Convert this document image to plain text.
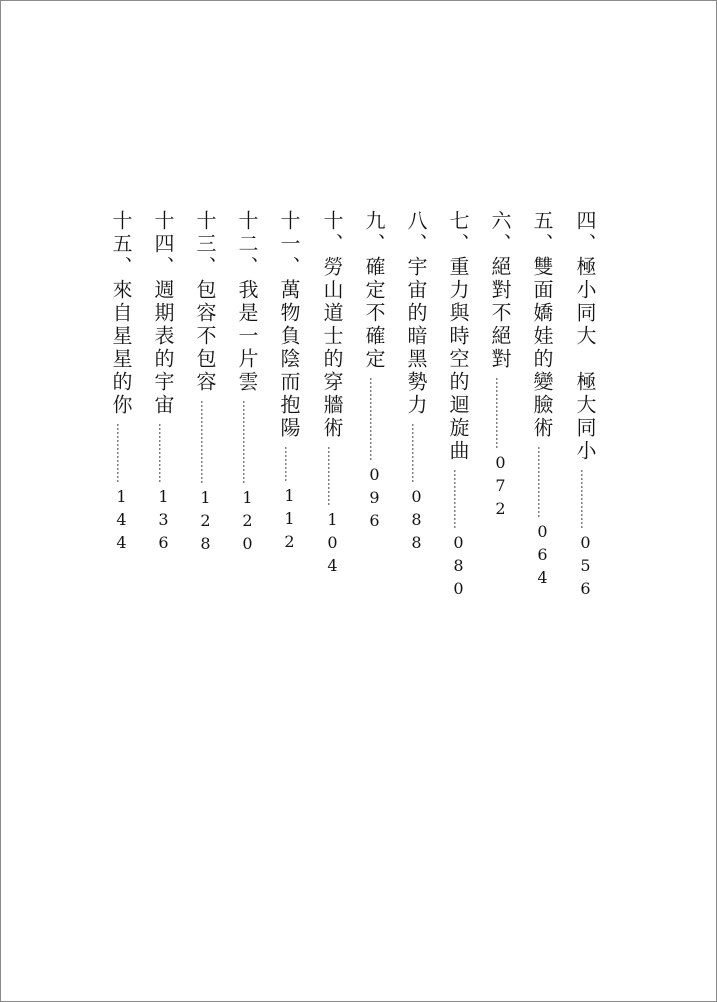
四、極小同大　極大同小
……………
056
五、雙面嬌娃的變臉術
………………
064
六、絕對不絕對
………………
072
七、重力與時空的迴旋曲
……………
080
八、宇宙的暗黑勢力
……………
088
九、確定不確定
…………………
096
十、勞山道士的穿牆術
……………
104
十一、萬物負陰而抱陽
………
112
十二、我是一片雲
…………………
120
十三、包容不包容
…………………
128
十四、週期表的宇宙
……………
136
十五、來自星星的你
……………
144
